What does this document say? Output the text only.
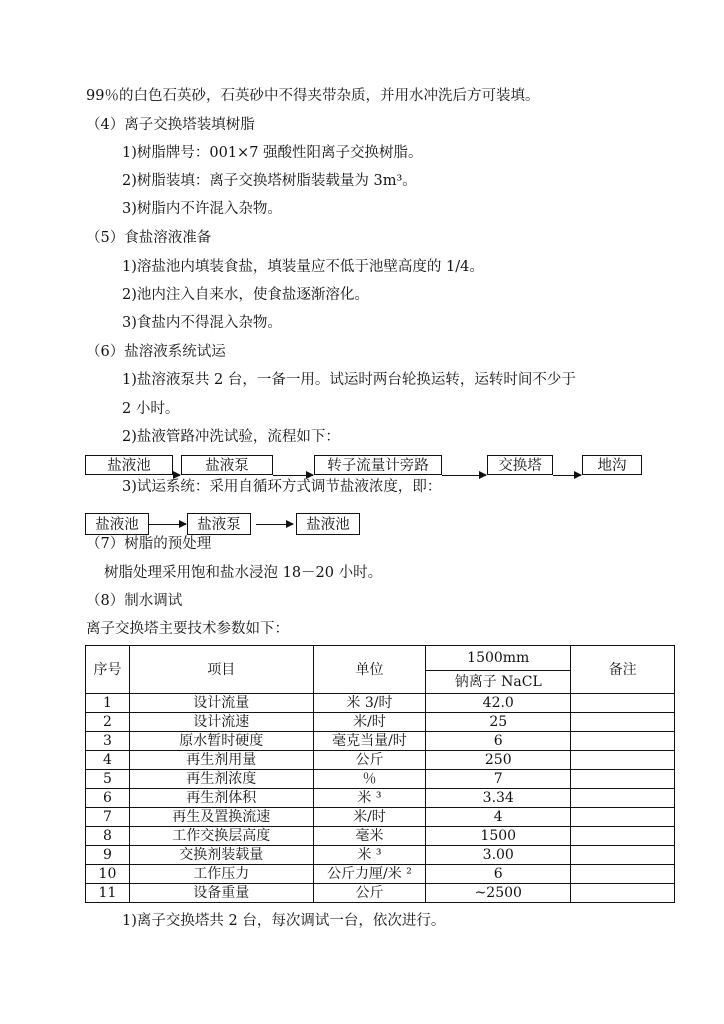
99％的白色石英砂，石英砂中不得夹带杂质，并用水冲洗后方可装填。
（4）离子交换塔装填树脂
1)树脂牌号：001×7 强酸性阳离子交换树脂。
2)树脂装填：离子交换塔树脂装载量为 3m³。
3)树脂内不许混入杂物。
（5）食盐溶液准备
1)溶盐池内填装食盐，填装量应不低于池壁高度的 1/4。
2)池内注入自来水，使食盐逐渐溶化。
3)食盐内不得混入杂物。
（6）盐溶液系统试运
1)盐溶液泵共 2 台，一备一用。试运时两台轮换运转，运转时间不少于
2 小时。
2)盐液管路冲洗试验，流程如下：
盐液池	盐液泵	转子流量计旁路	交换塔	地沟
3)试运系统：采用自循环方式调节盐液浓度，即：
盐液池	盐液泵	盐液池
（7）树脂的预处理
树脂处理采用饱和盐水浸泡 18－20 小时。
（8）制水调试
离子交换塔主要技术参数如下：
序号	项目	单位	1500mm	备注
			钠离子 NaCL	
1	设计流量	米 3/时	42.0	
2	设计流速	米/时	25	
3	原水暂时硬度	毫克当量/时	6	
4	再生剂用量	公斤	250	
5	再生剂浓度	％	7	
6	再生剂体积	米 ³	3.34	
7	再生及置换流速	米/时	4	
8	工作交换层高度	毫米	1500	
9	交换剂装载量	米 ³	3.00	
10	工作压力	公斤力厘/米 ²	6	
11	设备重量	公斤	~2500	
1)离子交换塔共 2 台，每次调试一台，依次进行。
